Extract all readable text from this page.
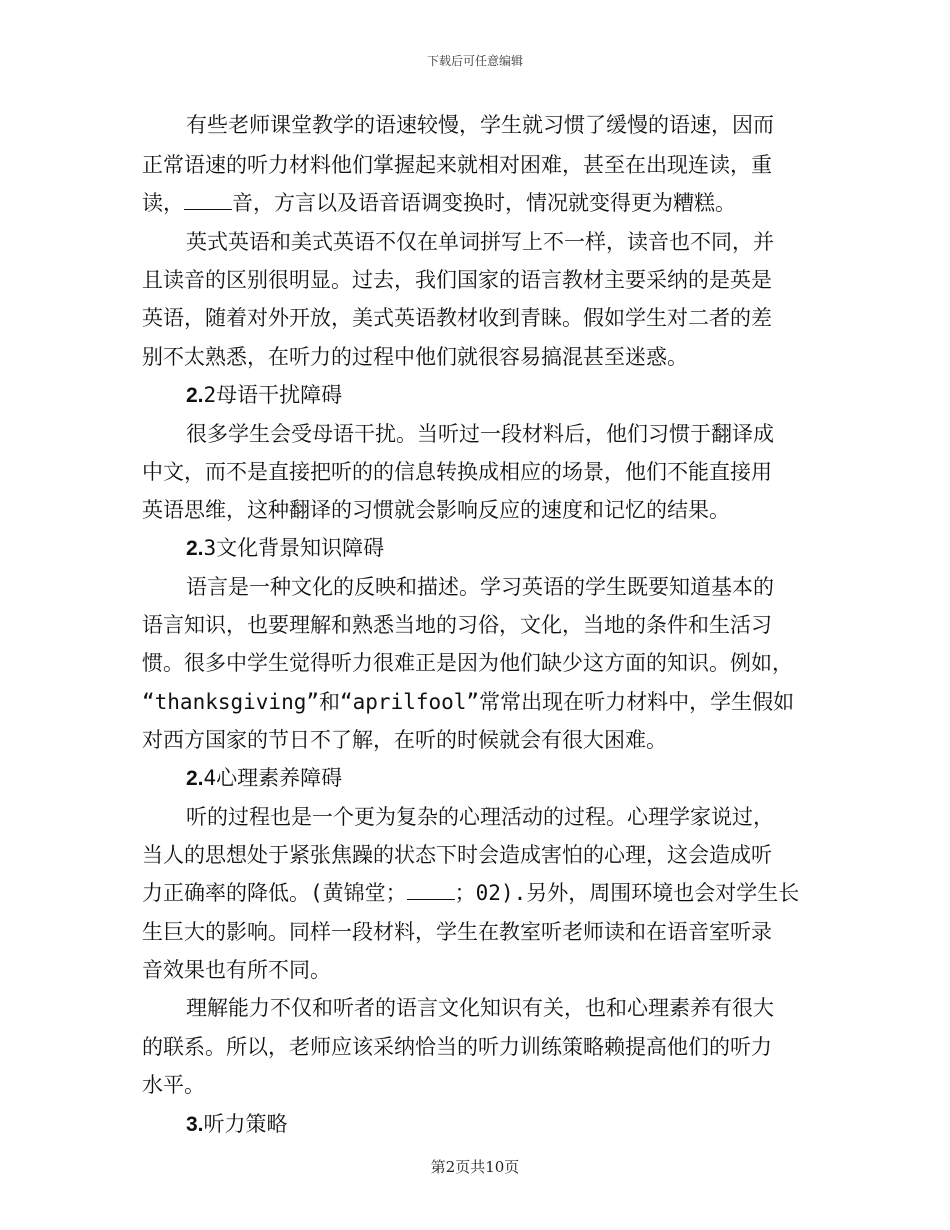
下载后可任意编辑
有些老师课堂教学的语速较慢，学生就习惯了缓慢的语速，因而
正常语速的听力材料他们掌握起来就相对困难，甚至在出现连读，重
读， 音，方言以及语音语调变换时，情况就变得更为糟糕。
英式英语和美式英语不仅在单词拼写上不一样，读音也不同，并
且读音的区别很明显。过去，我们国家的语言教材主要采纳的是英是
英语，随着对外开放，美式英语教材收到青睐。假如学生对二者的差
别不太熟悉，在听力的过程中他们就很容易搞混甚至迷惑。
2.2母语干扰障碍
很多学生会受母语干扰。当听过一段材料后，他们习惯于翻译成
中文，而不是直接把听的的信息转换成相应的场景，他们不能直接用
英语思维，这种翻译的习惯就会影响反应的速度和记忆的结果。
2.3文化背景知识障碍
语言是一种文化的反映和描述。学习英语的学生既要知道基本的
语言知识，也要理解和熟悉当地的习俗，文化，当地的条件和生活习
惯。很多中学生觉得听力很难正是因为他们缺少这方面的知识。例如，
“thanksgiving”和“aprilfool”常常出现在听力材料中，学生假如
对西方国家的节日不了解，在听的时候就会有很大困难。
2.4心理素养障碍
听的过程也是一个更为复杂的心理活动的过程。心理学家说过，
当人的思想处于紧张焦躁的状态下时会造成害怕的心理，这会造成听
力正确率的降低。(黄锦堂； ；02).另外，周围环境也会对学生长
生巨大的影响。同样一段材料，学生在教室听老师读和在语音室听录
音效果也有所不同。
理解能力不仅和听者的语言文化知识有关，也和心理素养有很大
的联系。所以，老师应该采纳恰当的听力训练策略赖提高他们的听力
水平。
3.听力策略
第2页共10页
